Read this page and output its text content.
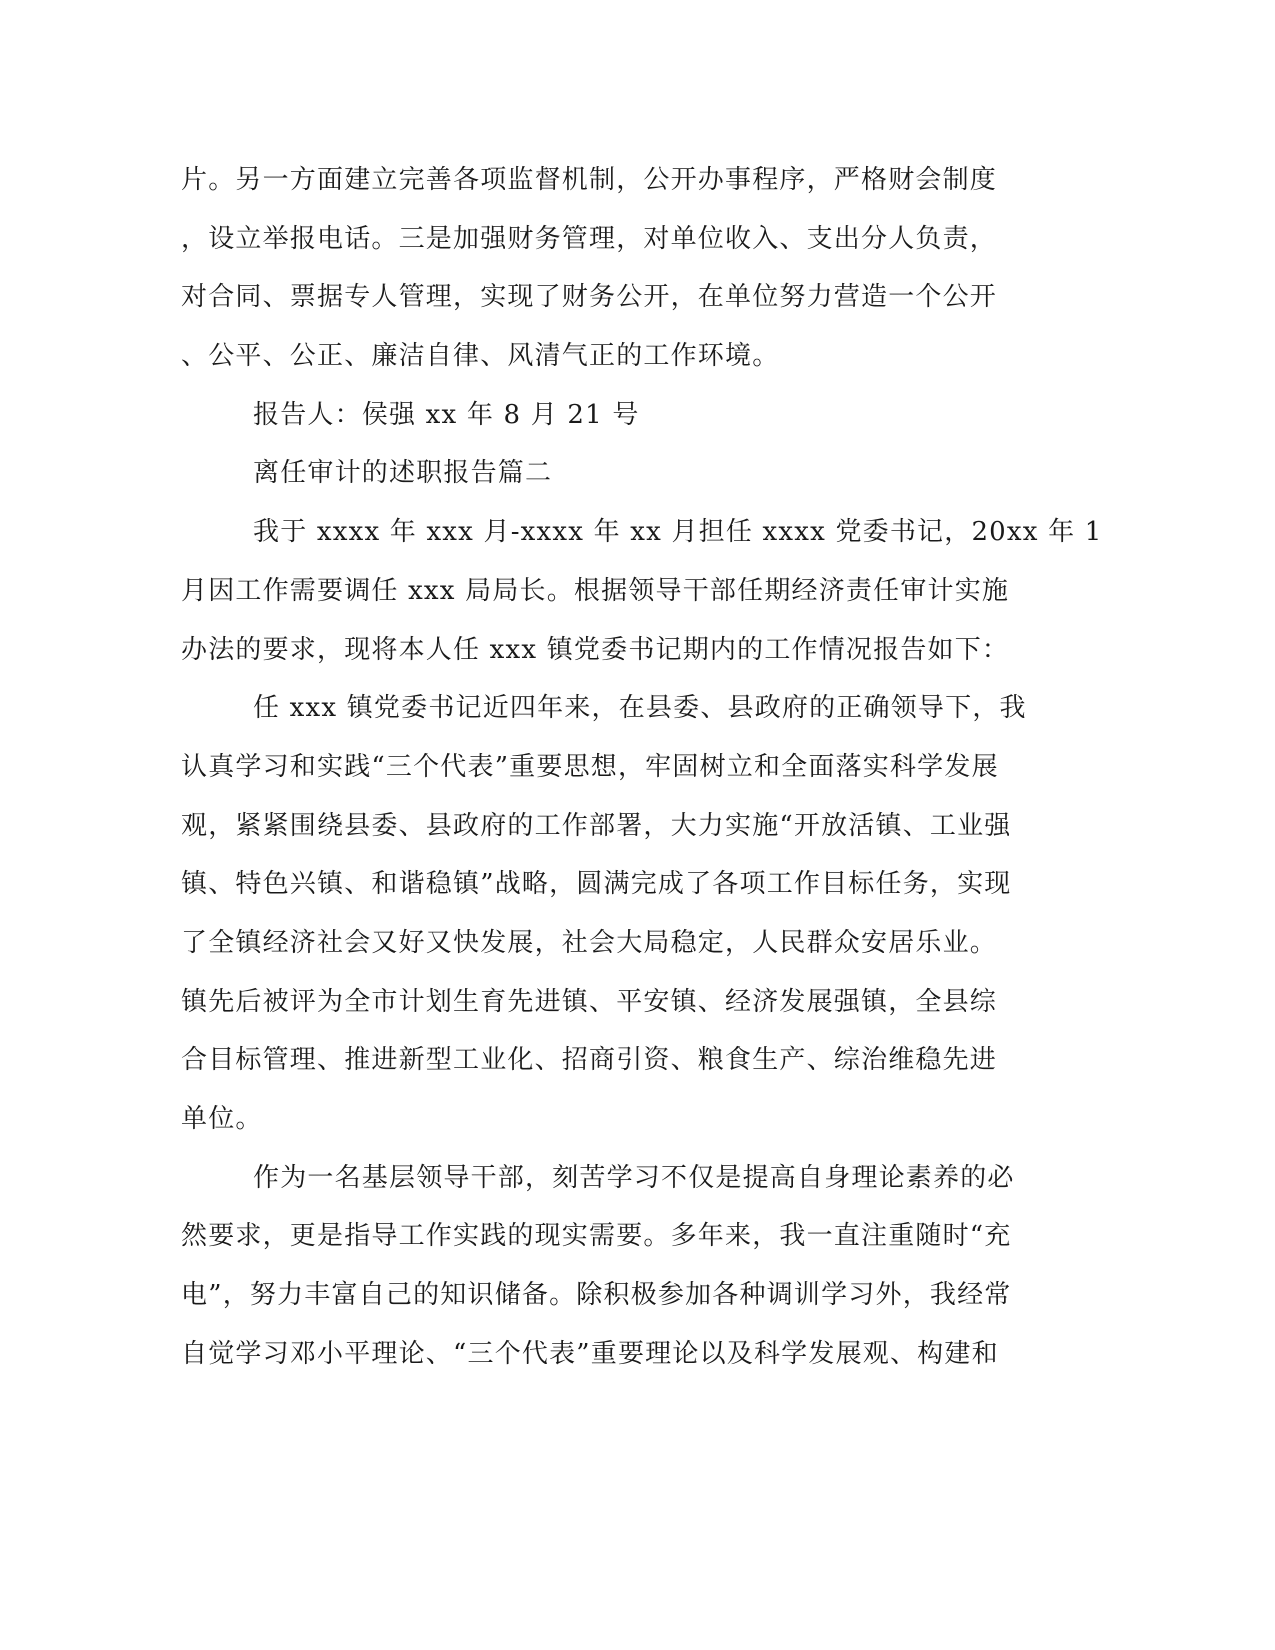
片。另一方面建立完善各项监督机制，公开办事程序，严格财会制度
，设立举报电话。三是加强财务管理，对单位收入、支出分人负责，
对合同、票据专人管理，实现了财务公开，在单位努力营造一个公开
、公平、公正、廉洁自律、风清气正的工作环境。
报告人：侯强 xx 年 8 月 21 号
离任审计的述职报告篇二
我于 xxxx 年 xxx 月-xxxx 年 xx 月担任 xxxx 党委书记，20xx 年 1
月因工作需要调任 xxx 局局长。根据领导干部任期经济责任审计实施
办法的要求，现将本人任 xxx 镇党委书记期内的工作情况报告如下：
任 xxx 镇党委书记近四年来，在县委、县政府的正确领导下，我
认真学习和实践“三个代表”重要思想，牢固树立和全面落实科学发展
观，紧紧围绕县委、县政府的工作部署，大力实施“开放活镇、工业强
镇、特色兴镇、和谐稳镇”战略，圆满完成了各项工作目标任务，实现
了全镇经济社会又好又快发展，社会大局稳定，人民群众安居乐业。
镇先后被评为全市计划生育先进镇、平安镇、经济发展强镇，全县综
合目标管理、推进新型工业化、招商引资、粮食生产、综治维稳先进
单位。
作为一名基层领导干部，刻苦学习不仅是提高自身理论素养的必
然要求，更是指导工作实践的现实需要。多年来，我一直注重随时“充
电”，努力丰富自己的知识储备。除积极参加各种调训学习外，我经常
自觉学习邓小平理论、“三个代表”重要理论以及科学发展观、构建和
